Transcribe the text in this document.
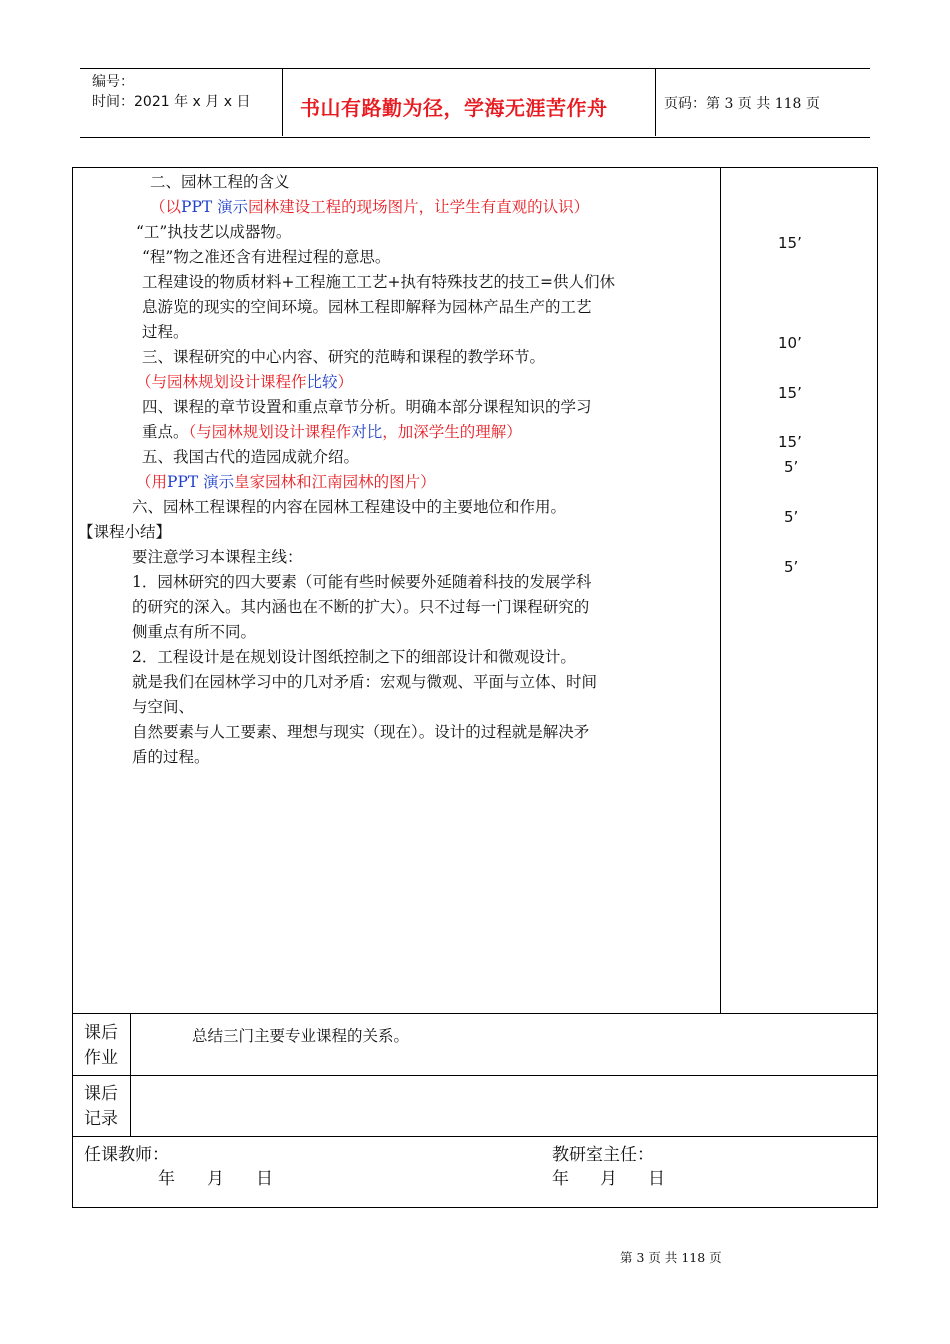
编号：
时间：2021 年 x 月 x 日 书山有路勤为径，学海无涯苦作舟	页码：第 3 页 共 118 页
二、园林工程的含义
（以PPT 演示园林建设工程的现场图片，让学生有直观的认识）
“工”执技艺以成器物。
“程”物之准还含有进程过程的意思。
工程建设的物质材料+工程施工工艺+执有特殊技艺的技工=供人们休
息游览的现实的空间环境。园林工程即解释为园林产品生产的工艺
过程。
三、课程研究的中心内容、研究的范畴和课程的教学环节。
（与园林规划设计课程作比较）
四、课程的章节设置和重点章节分析。明确本部分课程知识的学习
重点。（与园林规划设计课程作对比，加深学生的理解）
五、我国古代的造园成就介绍。
（用PPT 演示皇家园林和江南园林的图片）
六、园林工程课程的内容在园林工程建设中的主要地位和作用。
【课程小结】
要注意学习本课程主线：
1．园林研究的四大要素（可能有些时候要外延随着科技的发展学科
的研究的深入。其内涵也在不断的扩大）。只不过每一门课程研究的
侧重点有所不同。
2．工程设计是在规划设计图纸控制之下的细部设计和微观设计。
就是我们在园林学习中的几对矛盾：宏观与微观、平面与立体、时间
与空间、
自然要素与人工要素、理想与现实（现在）。设计的过程就是解决矛
盾的过程。
15’
10’
15’
15’
5’
5’
5’
课后
作业
总结三门主要专业课程的关系。
课后
记录
任课教师：
年 月 日
教研室主任：
年 月 日
第 3 页 共 118 页
